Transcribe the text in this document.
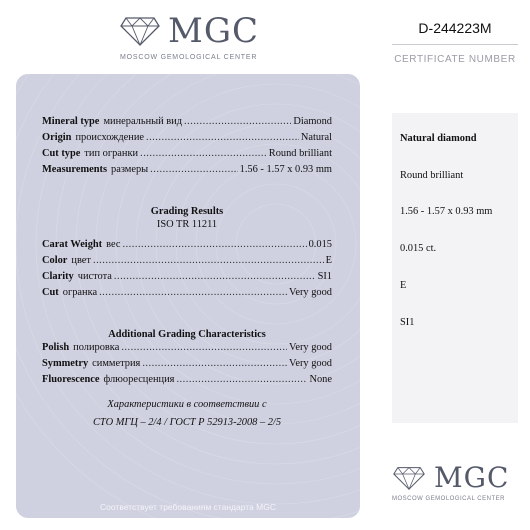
MGC
MOSCOW GEMOLOGICAL CENTER
D-244223M
CERTIFICATE NUMBER
Mineral type минеральный вид .....	Diamond
Origin происхождение .....	Natural
Cut type тип огранки .....	Round brilliant
Measurements размеры .....	1.56 - 1.57 x 0.93 mm
Grading Results
ISO TR 11211
Carat Weight вес .....	0.015
Color цвет .....	E
Clarity чистота .....	SI1
Cut огранка .....	Very good
Additional Grading Characteristics
Polish полировка .....	Very good
Symmetry симметрия .....	Very good
Fluorescence флюоресценция .....	None
Характеристики в соответствии с
СТО МГЦ – 2/4 / ГОСТ Р 52913-2008 – 2/5
Соответствует требованиям стандарта MGC
Natural diamond
Round brilliant
1.56 - 1.57 x 0.93 mm
0.015 ct.
E
SI1
MGC
MOSCOW GEMOLOGICAL CENTER
